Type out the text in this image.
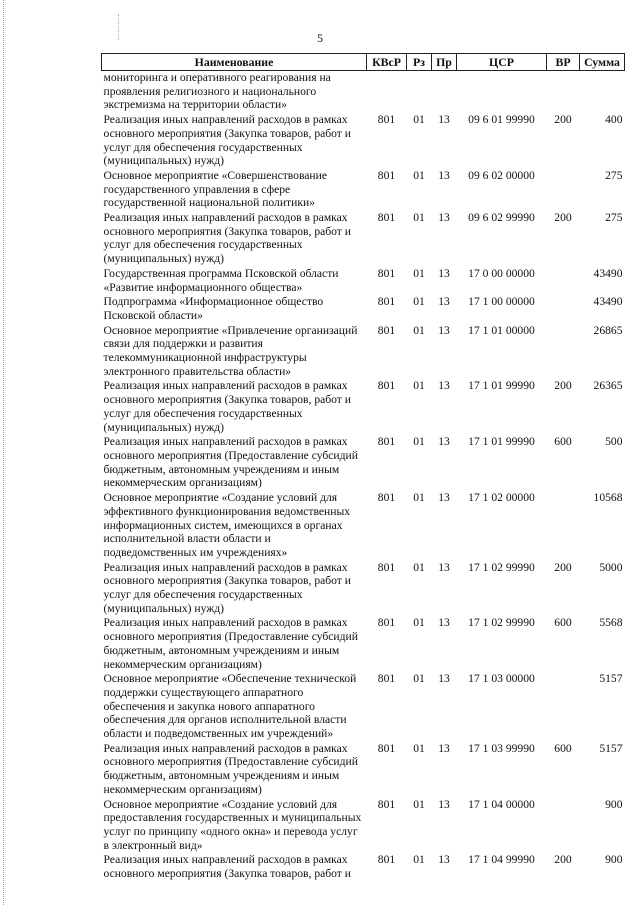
5
Наименование	КВсР	Рз	Пр	ЦСР	ВР	Сумма
мониторинга и оперативного реагирования на проявления религиозного и национального экстремизма на территории области»						
Реализация иных направлений расходов в рамках основного мероприятия (Закупка товаров, работ и услуг для обеспечения государственных (муниципальных) нужд)	801	01	13	09 6 01 99990	200	400
Основное мероприятие «Совершенствование государственного управления в сфере государственной национальной политики»	801	01	13	09 6 02 00000		275
Реализация иных направлений расходов в рамках основного мероприятия (Закупка товаров, работ и услуг для обеспечения государственных (муниципальных) нужд)	801	01	13	09 6 02 99990	200	275
Государственная программа Псковской области «Развитие информационного общества»	801	01	13	17 0 00 00000		43490
Подпрограмма «Информационное общество Псковской области»	801	01	13	17 1 00 00000		43490
Основное мероприятие «Привлечение организаций связи для поддержки и развития телекоммуникационной инфраструктуры электронного правительства области»	801	01	13	17 1 01 00000		26865
Реализация иных направлений расходов в рамках основного мероприятия (Закупка товаров, работ и услуг для обеспечения государственных (муниципальных) нужд)	801	01	13	17 1 01 99990	200	26365
Реализация иных направлений расходов в рамках основного мероприятия (Предоставление субсидий бюджетным, автономным учреждениям и иным некоммерческим организациям)	801	01	13	17 1 01 99990	600	500
Основное мероприятие «Создание условий для эффективного функционирования ведомственных информационных систем, имеющихся в органах исполнительной власти области и подведомственных им учреждениях»	801	01	13	17 1 02 00000		10568
Реализация иных направлений расходов в рамках основного мероприятия (Закупка товаров, работ и услуг для обеспечения государственных (муниципальных) нужд)	801	01	13	17 1 02 99990	200	5000
Реализация иных направлений расходов в рамках основного мероприятия (Предоставление субсидий бюджетным, автономным учреждениям и иным некоммерческим организациям)	801	01	13	17 1 02 99990	600	5568
Основное мероприятие «Обеспечение технической поддержки существующего аппаратного обеспечения и закупка нового аппаратного обеспечения для органов исполнительной власти области и подведомственных им учреждений»	801	01	13	17 1 03 00000		5157
Реализация иных направлений расходов в рамках основного мероприятия (Предоставление субсидий бюджетным, автономным учреждениям и иным некоммерческим организациям)	801	01	13	17 1 03 99990	600	5157
Основное мероприятие «Создание условий для предоставления государственных и муниципальных услуг по принципу «одного окна» и перевода услуг в электронный вид»	801	01	13	17 1 04 00000		900
Реализация иных направлений расходов в рамках основного мероприятия (Закупка товаров, работ и	801	01	13	17 1 04 99990	200	900
